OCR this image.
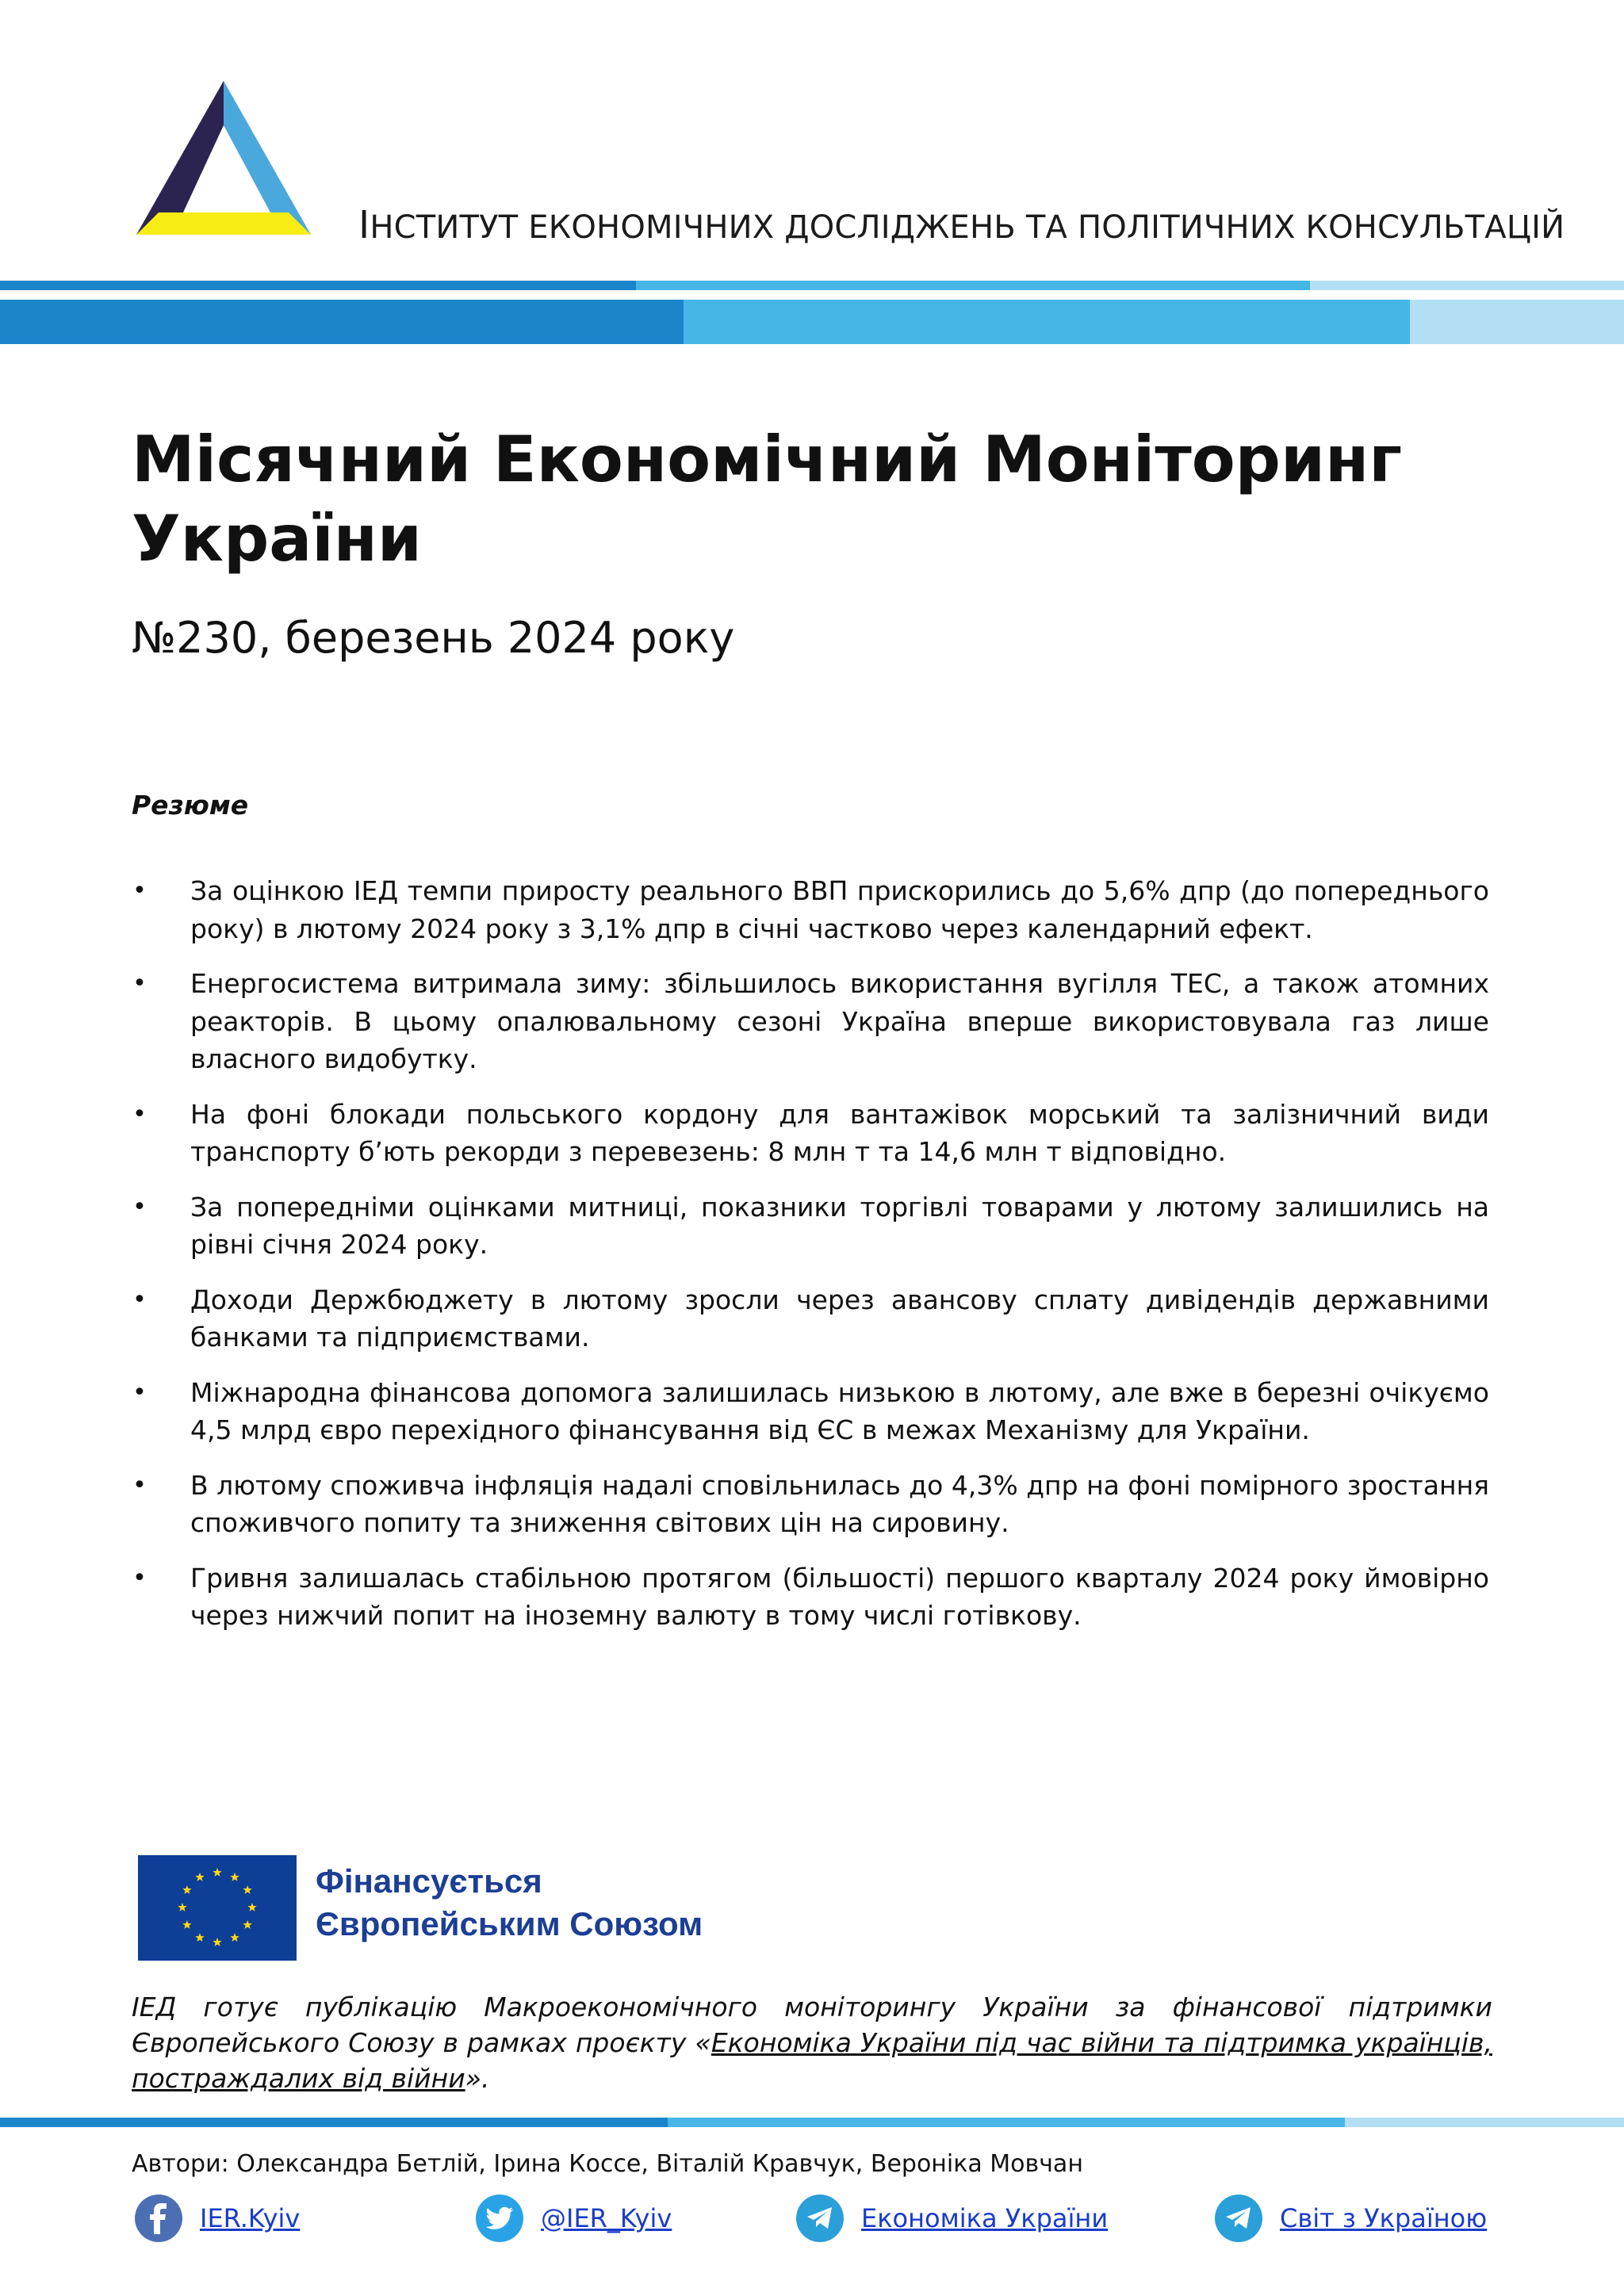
ІНСТИТУТ ЕКОНОМІЧНИХ ДОСЛІДЖЕНЬ ТА ПОЛІТИЧНИХ КОНСУЛЬТАЦІЙ
Місячний Економічний Моніторинг
України
№230, березень 2024 року
Резюме
• За оцінкою ІЕД темпи приросту реального ВВП прискорились до 5,6% дпр (до попереднього року) в лютому 2024 року з 3,1% дпр в січні частково через календарний ефект.
• Енергосистема витримала зиму: збільшилось використання вугілля ТЕС, а також атомних реакторів. В цьому опалювальному сезоні Україна вперше використовувала газ лише власного видобутку.
• На фоні блокади польського кордону для вантажівок морський та залізничний види транспорту б’ють рекорди з перевезень: 8 млн т та 14,6 млн т відповідно.
• За попередніми оцінками митниці, показники торгівлі товарами у лютому залишились на рівні січня 2024 року.
• Доходи Держбюджету в лютому зросли через авансову сплату дивідендів державними банками та підприємствами.
• Міжнародна фінансова допомога залишилась низькою в лютому, але вже в березні очікуємо 4,5 млрд євро перехідного фінансування від ЄС в межах Механізму для України.
• В лютому споживча інфляція надалі сповільнилась до 4,3% дпр на фоні помірного зростання споживчого попиту та зниження світових цін на сировину.
• Гривня залишалась стабільною протягом (більшості) першого кварталу 2024 року ймовірно через нижчий попит на іноземну валюту в тому числі готівкову.
Фінансується
Європейським Союзом
ІЕД готує публікацію Макроекономічного моніторингу України за фінансової підтримки Європейського Союзу в рамках проєкту «Економіка України під час війни та підтримка українців, постраждалих від війни».
Автори: Олександра Бетлій, Ірина Коссе, Віталій Кравчук, Вероніка Мовчан
IER.Kyiv	@IER_Kyiv	Економіка України	Світ з Україною
